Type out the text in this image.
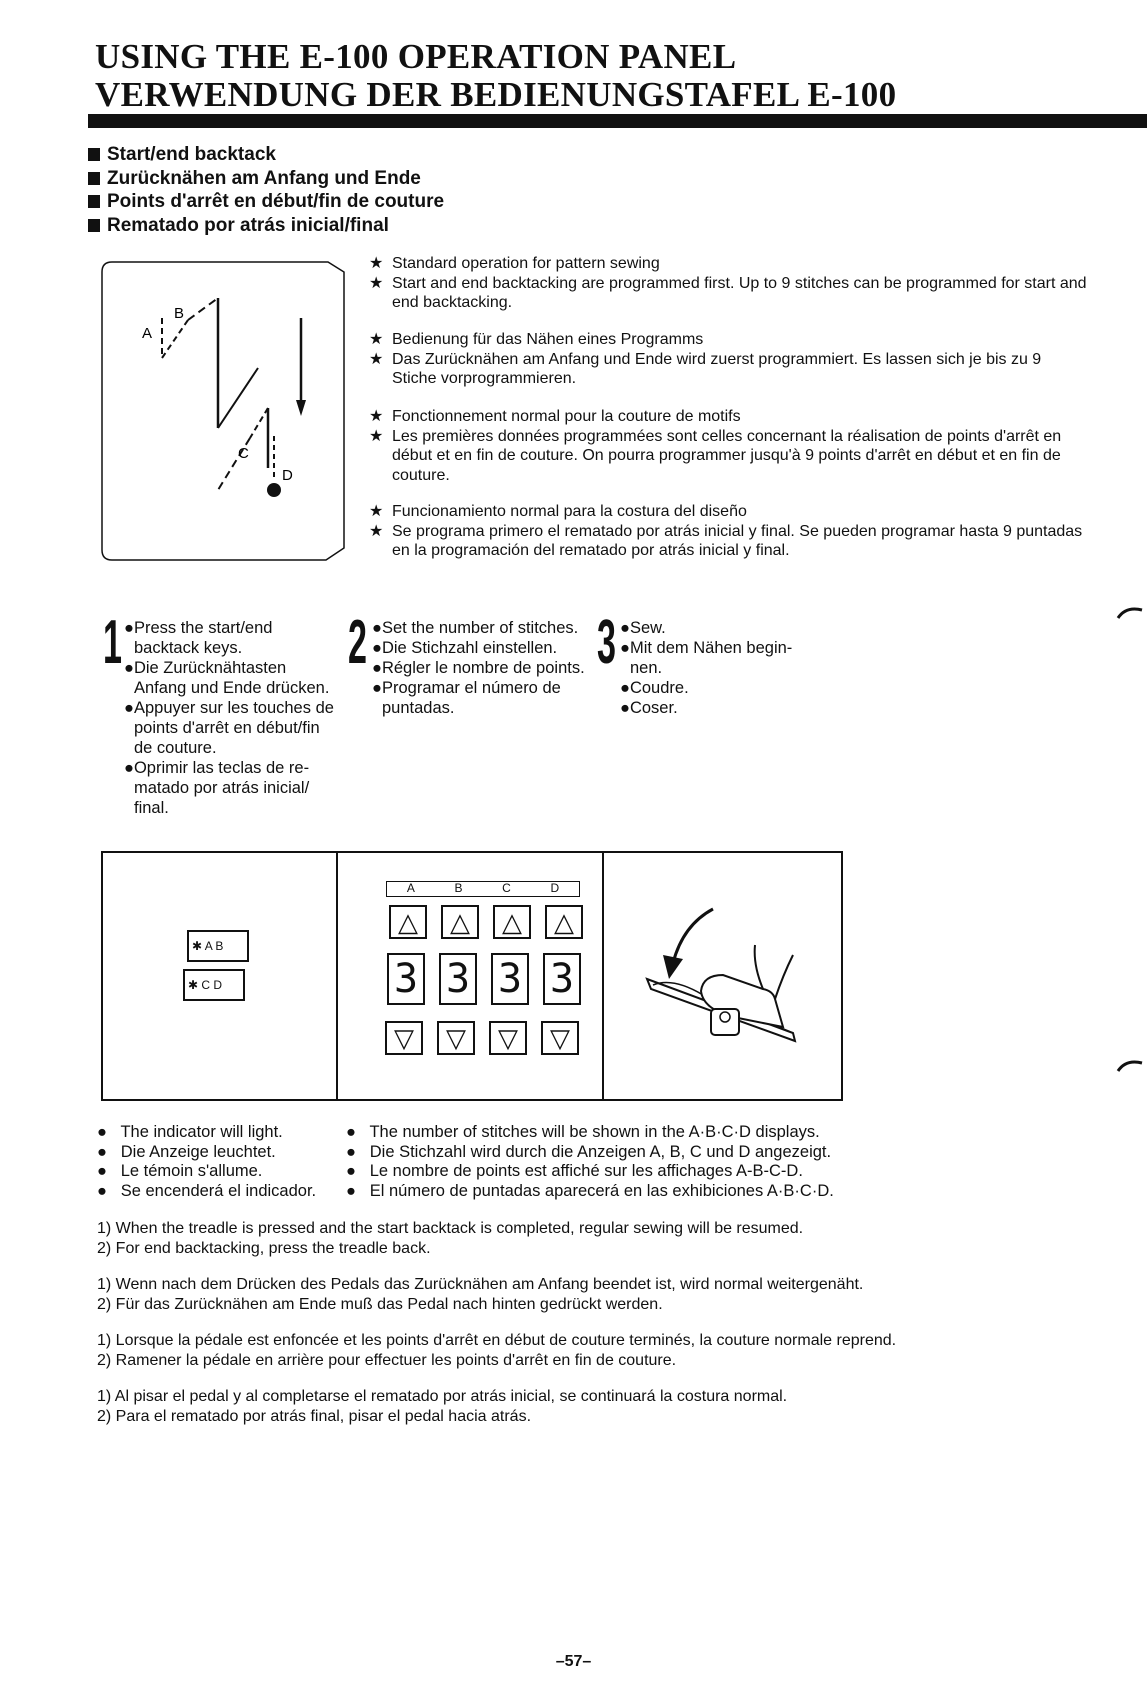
USING THE E-100 OPERATION PANEL
VERWENDUNG DER BEDIENUNGSTAFEL E-100
Start/end backtack
Zurücknähen am Anfang und Ende
Points d'arrêt en début/fin de couture
Rematado por atrás inicial/final
A
B
C
D
★ Standard operation for pattern sewing
★ Start and end backtacking are programmed first. Up to 9 stitches can be programmed for start and end backtacking.
★ Bedienung für das Nähen eines Programms
★ Das Zurücknähen am Anfang und Ende wird zuerst programmiert. Es lassen sich je bis zu 9 Stiche vorprogrammieren.
★ Fonctionnement normal pour la couture de motifs
★ Les premières données programmées sont celles concernant la réalisation de points d'arrêt en début et en fin de couture. On pourra programmer jusqu'à 9 points d'arrêt en début et en fin de couture.
★ Funcionamiento normal para la costura del diseño
★ Se programa primero el rematado por atrás inicial y final. Se pueden programar hasta 9 puntadas en la programación del rematado por atrás inicial y final.
1 ●Press the start/end backtack keys.
●Die Zurücknähtasten Anfang und Ende drücken.
●Appuyer sur les touches de points d'arrêt en début/fin de couture.
●Oprimir las teclas de re-matado por atrás inicial/ final.
2 ●Set the number of stitches.
●Die Stichzahl einstellen.
●Régler le nombre de points.
●Programar el número de puntadas.
3 ●Sew.
●Mit dem Nähen begin-nen.
●Coudre.
●Coser.
✱ A B
✱ C D
A	B	C	D
△	△	△	△
3 3 3 3
▽	▽	▽	▽
● The indicator will light.
● Die Anzeige leuchtet.
● Le témoin s'allume.
● Se encenderá el indicador.
● The number of stitches will be shown in the A·B·C·D displays.
● Die Stichzahl wird durch die Anzeigen A, B, C und D angezeigt.
● Le nombre de points est affiché sur les affichages A-B-C-D.
● El número de puntadas aparecerá en las exhibiciones A·B·C·D.
1) When the treadle is pressed and the start backtack is completed, regular sewing will be resumed.
2) For end backtacking, press the treadle back.
1) Wenn nach dem Drücken des Pedals das Zurücknähen am Anfang beendet ist, wird normal weitergenäht.
2) Für das Zurücknähen am Ende muß das Pedal nach hinten gedrückt werden.
1) Lorsque la pédale est enfoncée et les points d'arrêt en début de couture terminés, la couture normale reprend.
2) Ramener la pédale en arrière pour effectuer les points d'arrêt en fin de couture.
1) Al pisar el pedal y al completarse el rematado por atrás inicial, se continuará la costura normal.
2) Para el rematado por atrás final, pisar el pedal hacia atrás.
–57–
